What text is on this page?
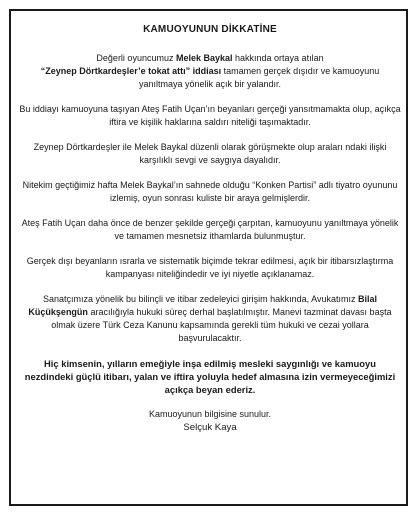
KAMUOYUNUN DİKKATİNE

Değerli oyuncumuz Melek Baykal hakkında ortaya atılan
“Zeynep Dörtkardeşler’e tokat attı” iddiası tamamen gerçek dışıdır ve kamuoyunu yanıltmaya yönelik açık bir yalandır.

Bu iddiayı kamuoyuna taşıyan Ateş Fatih Uçan’ın beyanları gerçeği yansıtmamakta olup, açıkça iftira ve kişilik haklarına saldırı niteliği taşımaktadır.

Zeynep Dörtkardeşler ile Melek Baykal düzenli olarak görüşmekte olup araları ndaki ilişki karşılıklı sevgi ve saygıya dayalıdır.

Nitekim geçtiğimiz hafta Melek Baykal’ın sahnede olduğu “Konken Partisi” adlı tiyatro oyununu izlemiş, oyun sonrası kuliste bir araya gelmişlerdir.

Ateş Fatih Uçan daha önce de benzer şekilde gerçeği çarpıtan, kamuoyunu yanıltmaya yönelik ve tamamen mesnetsiz ithamlarda bulunmuştur.

Gerçek dışı beyanların ısrarla ve sistematik biçimde tekrar edilmesi, açık bir itibarsızlaştırma kampanyası niteliğindedir ve iyi niyetle açıklanamaz.

Sanatçımıza yönelik bu bilinçli ve itibar zedeleyici girişim hakkında, Avukatımız Bilal Küçükşengün aracılığıyla hukuki süreç derhal başlatılmıştır. Manevi tazminat davası başta olmak üzere Türk Ceza Kanunu kapsamında gerekli tüm hukuki ve cezai yollara başvurulacaktır.

Hiç kimsenin, yılların emeğiyle inşa edilmiş mesleki saygınlığı ve kamuoyu nezdindeki güçlü itibarı, yalan ve iftira yoluyla hedef almasına izin vermeyeceğimizi açıkça beyan ederiz.

Kamuoyunun bilgisine sunulur.
Selçuk Kaya
